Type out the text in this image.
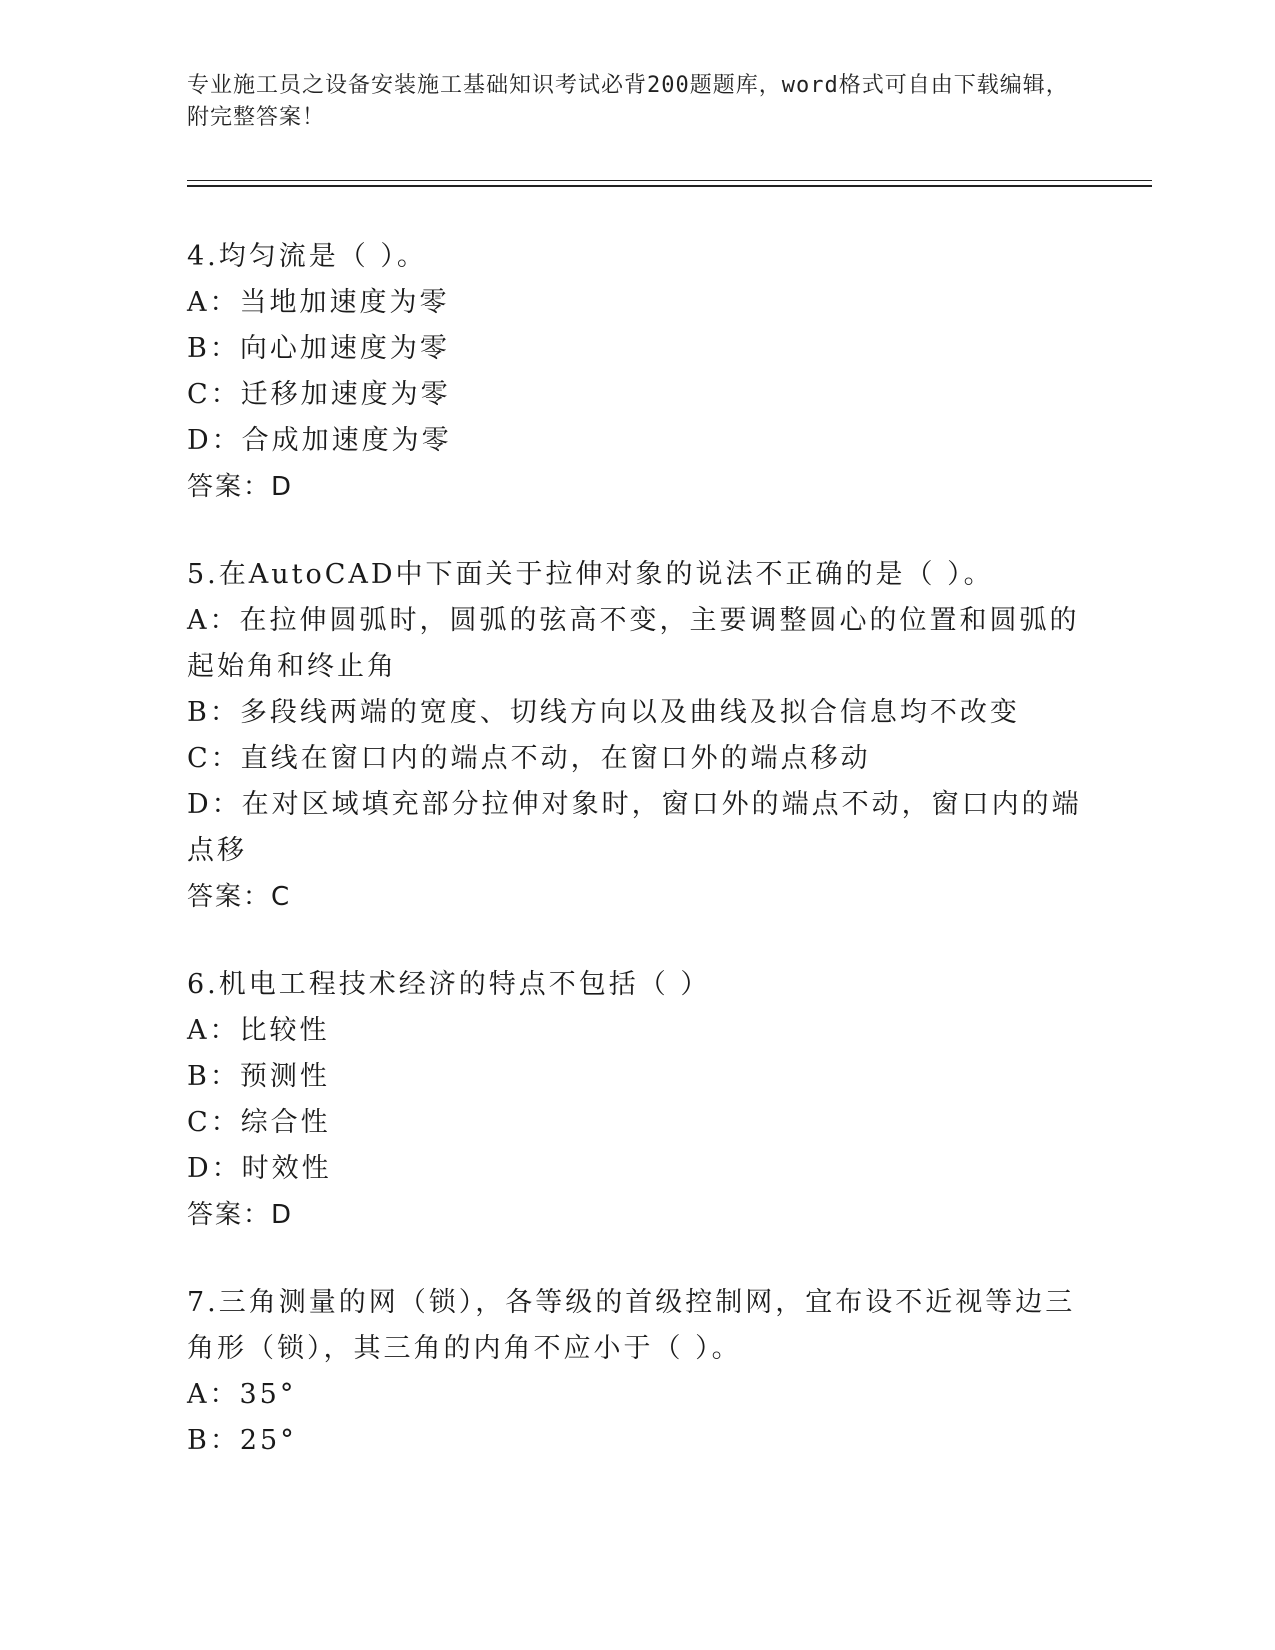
专业施工员之设备安装施工基础知识考试必背200题题库，word格式可自由下载编辑，附完整答案！
4.均匀流是（ ）。
A：当地加速度为零
B：向心加速度为零
C：迁移加速度为零
D：合成加速度为零
答案：D
5.在AutoCAD中下面关于拉伸对象的说法不正确的是（ ）。
A：在拉伸圆弧时，圆弧的弦高不变，主要调整圆心的位置和圆弧的起始角和终止角
B：多段线两端的宽度、切线方向以及曲线及拟合信息均不改变
C：直线在窗口内的端点不动，在窗口外的端点移动
D：在对区域填充部分拉伸对象时，窗口外的端点不动，窗口内的端点移
答案：C
6.机电工程技术经济的特点不包括（ ）
A：比较性
B：预测性
C：综合性
D：时效性
答案：D
7.三角测量的网（锁），各等级的首级控制网，宜布设不近视等边三角形（锁），其三角的内角不应小于（ ）。
A：35°
B：25°
